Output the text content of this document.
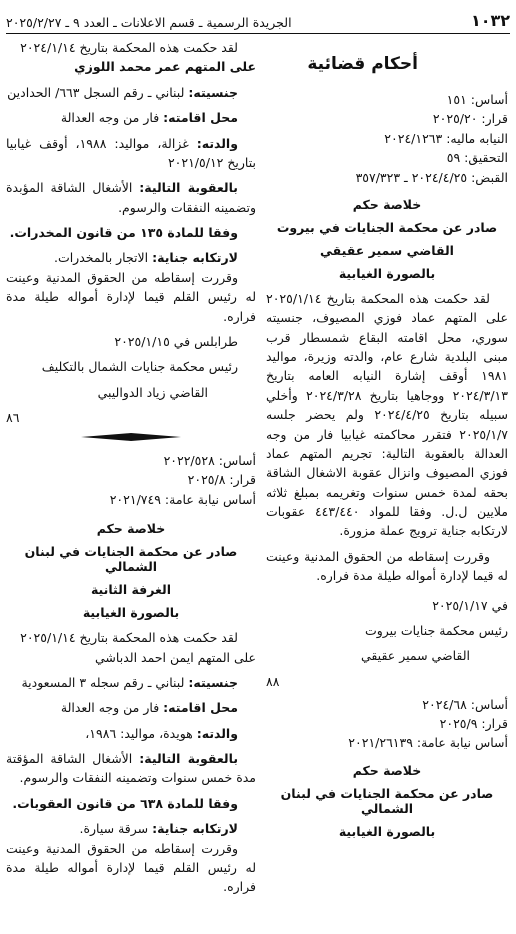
١٠٣٢
الجريدة الرسمية ـ قسم الاعلانات ـ العدد ٩ ـ ٢٠٢٥/٢/٢٧
أحكام قضائية
أساس: ١٥١
قرار: ٢٠٢٥/٢٠
النيابه ماليه: ٢٠٢٤/١٢٦٣
التحقيق: ٥٩
القبض: ٢٠٢٤/٤/٢٥ ـ ٣٥٧/٣٢٣
خلاصة حكم
صادر عن محكمة الجنايات في بيروت
القاضي سمير عقيقي
بالصورة الغيابية

لقد حكمت هذه المحكمة بتاريخ ٢٠٢٥/١/١٤ على المتهم عماد فوزي المصيوف، جنسيته سوري، محل اقامته البقاع شمسطار قرب مبنى البلدية شارع عام، والدته وزيرة، مواليد ١٩٨١ أوقف إشارة النيابه العامه بتاريخ ٢٠٢٤/٣/١٣ ووجاهيا بتاريخ ٢٠٢٤/٣/٢٨ وأخلي سبيله بتاريخ ٢٠٢٤/٤/٢٥ ولم يحضر جلسه ٢٠٢٥/١/٧ فتقرر محاكمته غيابيا فار من وجه العدالة بالعقوبة التالية: تجريم المتهم عماد فوزي المصيوف وانزال عقوبة الاشغال الشاقة بحقه لمدة خمس سنوات وتغريمه بمبلغ ثلاثه ملايين ل.ل. وفقا للمواد ٤٤٣/٤٤٠ عقوبات لارتكابه جناية ترويج عملة مزورة.

وقررت إسقاطه من الحقوق المدنية وعينت له قيما لإدارة أمواله طيلة مدة فراره.

في ٢٠٢٥/١/١٧
رئيس محكمة جنايات بيروت
القاضي سمير عقيقي
٨٨
أساس: ٢٠٢٤/٦٨
قرار: ٢٠٢٥/٩
أساس نيابة عامة: ٢٠٢١/٢٦١٣٩
خلاصة حكم
صادر عن محكمة الجنايات في لبنان الشمالي
بالصورة الغيابية

لقد حكمت هذه المحكمة بتاريخ ٢٠٢٤/١/١٤

على المتهم عمر محمد اللوزي

جنسيته: لبناني ـ رقم السجل ٦٦٣/ الحدادين

محل اقامته: فار من وجه العدالة

والدته: غزالة، مواليد: ١٩٨٨، أوقف غيابيا بتاريخ ٢٠٢١/٥/١٢

بالعقوبة التالية: الأشغال الشاقة المؤبدة وتضمينه النفقات والرسوم.

وفقا للمادة ١٣٥ من قانون المخدرات.

لارتكابه جناية: الاتجار بالمخدرات.

وقررت إسقاطه من الحقوق المدنية وعينت له رئيس القلم قيما لإدارة أمواله طيلة مدة فراره.

طرابلس في ٢٠٢٥/١/١٥

رئيس محكمة جنايات الشمال بالتكليف

القاضي زياد الدواليبي

٨٦
أساس: ٢٠٢٢/٥٢٨
قرار: ٢٠٢٥/٨
أساس نيابة عامة: ٢٠٢١/٧٤٩
خلاصة حكم
صادر عن محكمة الجنايات في لبنان الشمالي
الغرفة الثانية
بالصورة الغيابية

لقد حكمت هذه المحكمة بتاريخ ٢٠٢٥/١/١٤

على المتهم ايمن احمد الدباشي

جنسيته: لبناني ـ رقم سجله ٣ المسعودية

محل اقامته: فار من وجه العدالة

والدته: هويدة، مواليد: ١٩٨٦،

بالعقوبة التالية: الأشغال الشاقة المؤقتة مدة خمس سنوات وتضمينه النفقات والرسوم.

وفقا للمادة ٦٣٨ من قانون العقوبات.

لارتكابه جناية: سرقة سيارة.

وقررت إسقاطه من الحقوق المدنية وعينت له رئيس القلم قيما لإدارة أمواله طيلة مدة فراره.
